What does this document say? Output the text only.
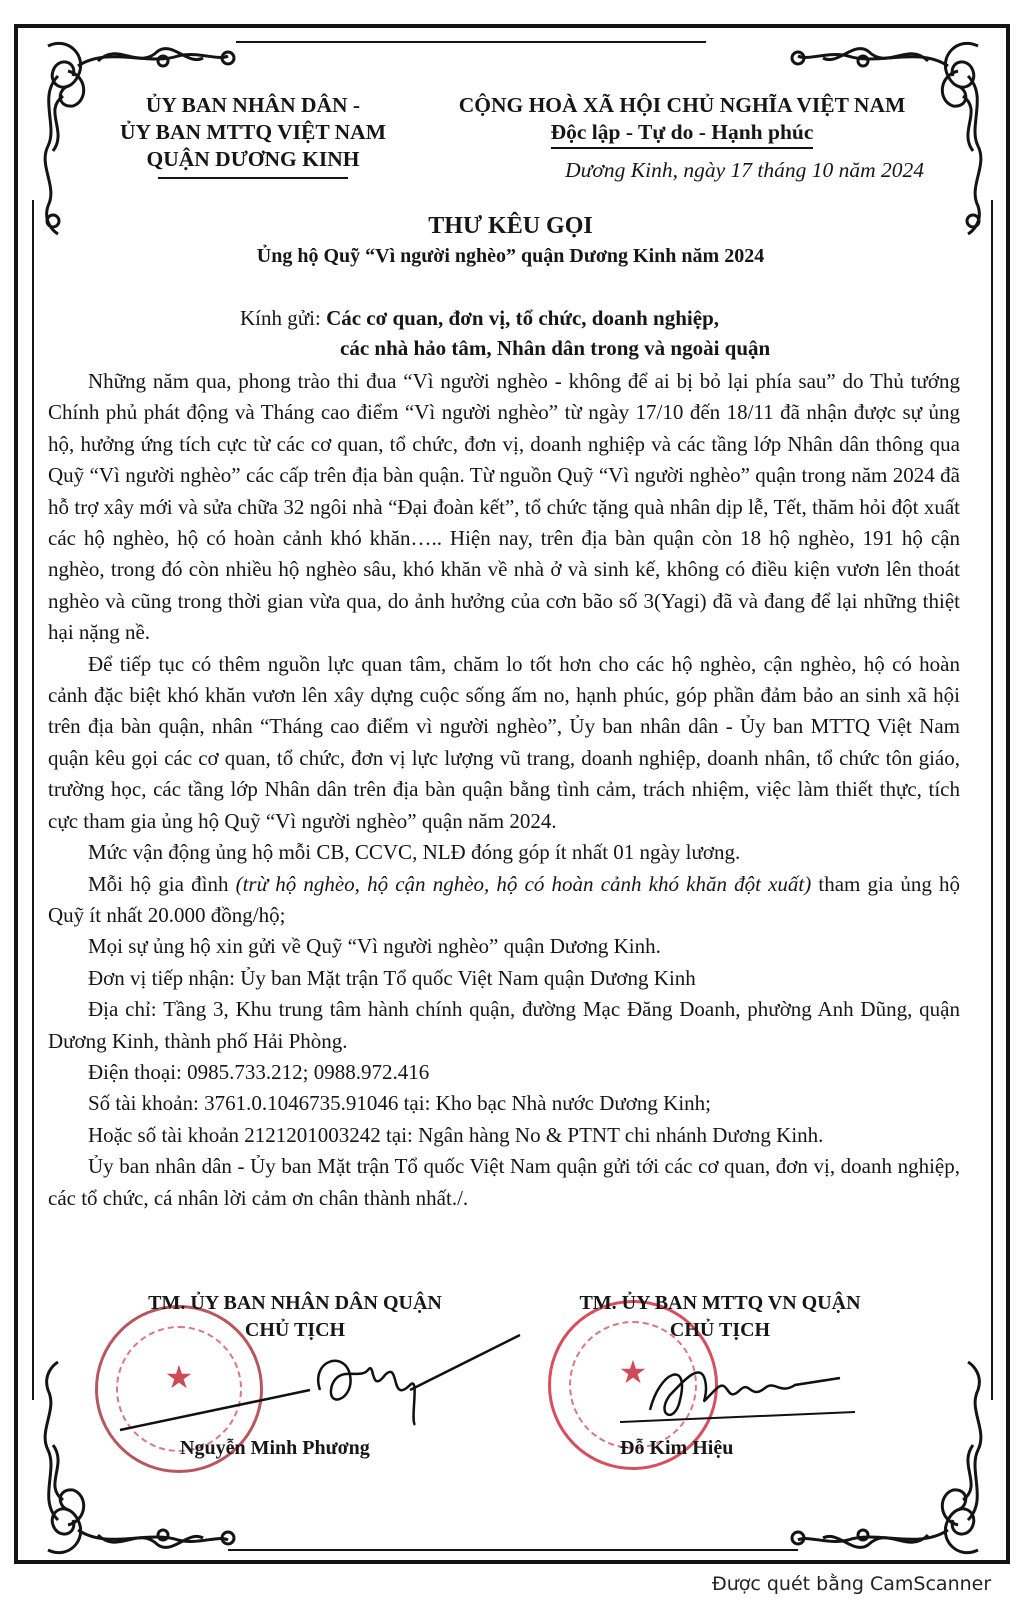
ỦY BAN NHÂN DÂN -
ỦY BAN MTTQ VIỆT NAM
QUẬN DƯƠNG KINH
CỘNG HOÀ XÃ HỘI CHỦ NGHĨA VIỆT NAM
Độc lập - Tự do - Hạnh phúc
Dương Kinh, ngày 17 tháng 10 năm 2024
THƯ KÊU GỌI
Ủng hộ Quỹ “Vì người nghèo” quận Dương Kinh năm 2024
Kính gửi: Các cơ quan, đơn vị, tổ chức, doanh nghiệp,
các nhà hảo tâm, Nhân dân trong và ngoài quận

Những năm qua, phong trào thi đua “Vì người nghèo - không để ai bị bỏ lại phía sau” do Thủ tướng Chính phủ phát động và Tháng cao điểm “Vì người nghèo” từ ngày 17/10 đến 18/11 đã nhận được sự ủng hộ, hưởng ứng tích cực từ các cơ quan, tổ chức, đơn vị, doanh nghiệp và các tầng lớp Nhân dân thông qua Quỹ “Vì người nghèo” các cấp trên địa bàn quận. Từ nguồn Quỹ “Vì người nghèo” quận trong năm 2024 đã hỗ trợ xây mới và sửa chữa 32 ngôi nhà “Đại đoàn kết”, tổ chức tặng quà nhân dịp lễ, Tết, thăm hỏi đột xuất các hộ nghèo, hộ có hoàn cảnh khó khăn….. Hiện nay, trên địa bàn quận còn 18 hộ nghèo, 191 hộ cận nghèo, trong đó còn nhiều hộ nghèo sâu, khó khăn về nhà ở và sinh kế, không có điều kiện vươn lên thoát nghèo và cũng trong thời gian vừa qua, do ảnh hưởng của cơn bão số 3(Yagi) đã và đang để lại những thiệt hại nặng nề.

Để tiếp tục có thêm nguồn lực quan tâm, chăm lo tốt hơn cho các hộ nghèo, cận nghèo, hộ có hoàn cảnh đặc biệt khó khăn vươn lên xây dựng cuộc sống ấm no, hạnh phúc, góp phần đảm bảo an sinh xã hội trên địa bàn quận, nhân “Tháng cao điểm vì người nghèo”, Ủy ban nhân dân - Ủy ban MTTQ Việt Nam quận kêu gọi các cơ quan, tổ chức, đơn vị lực lượng vũ trang, doanh nghiệp, doanh nhân, tổ chức tôn giáo, trường học, các tầng lớp Nhân dân trên địa bàn quận bằng tình cảm, trách nhiệm, việc làm thiết thực, tích cực tham gia ủng hộ Quỹ “Vì người nghèo” quận năm 2024.

Mức vận động ủng hộ mỗi CB, CCVC, NLĐ đóng góp ít nhất 01 ngày lương.

Mỗi hộ gia đình (trừ hộ nghèo, hộ cận nghèo, hộ có hoàn cảnh khó khăn đột xuất) tham gia ủng hộ Quỹ ít nhất 20.000 đồng/hộ;

Mọi sự ủng hộ xin gửi về Quỹ “Vì người nghèo” quận Dương Kinh.

Đơn vị tiếp nhận: Ủy ban Mặt trận Tổ quốc Việt Nam quận Dương Kinh

Địa chỉ: Tầng 3, Khu trung tâm hành chính quận, đường Mạc Đăng Doanh, phường Anh Dũng, quận Dương Kinh, thành phố Hải Phòng.

Điện thoại: 0985.733.212; 0988.972.416

Số tài khoản: 3761.0.1046735.91046 tại: Kho bạc Nhà nước Dương Kinh;

Hoặc số tài khoản 2121201003242 tại: Ngân hàng No & PTNT chi nhánh Dương Kinh.

Ủy ban nhân dân - Ủy ban Mặt trận Tổ quốc Việt Nam quận gửi tới các cơ quan, đơn vị, doanh nghiệp, các tổ chức, cá nhân lời cảm ơn chân thành nhất./.

★	★
TM. ỦY BAN NHÂN DÂN QUẬN
CHỦ TỊCH
TM. ỦY BAN MTTQ VN QUẬN
CHỦ TỊCH
Nguyễn Minh Phương	Đỗ Kim Hiệu
Được quét bằng CamScanner
